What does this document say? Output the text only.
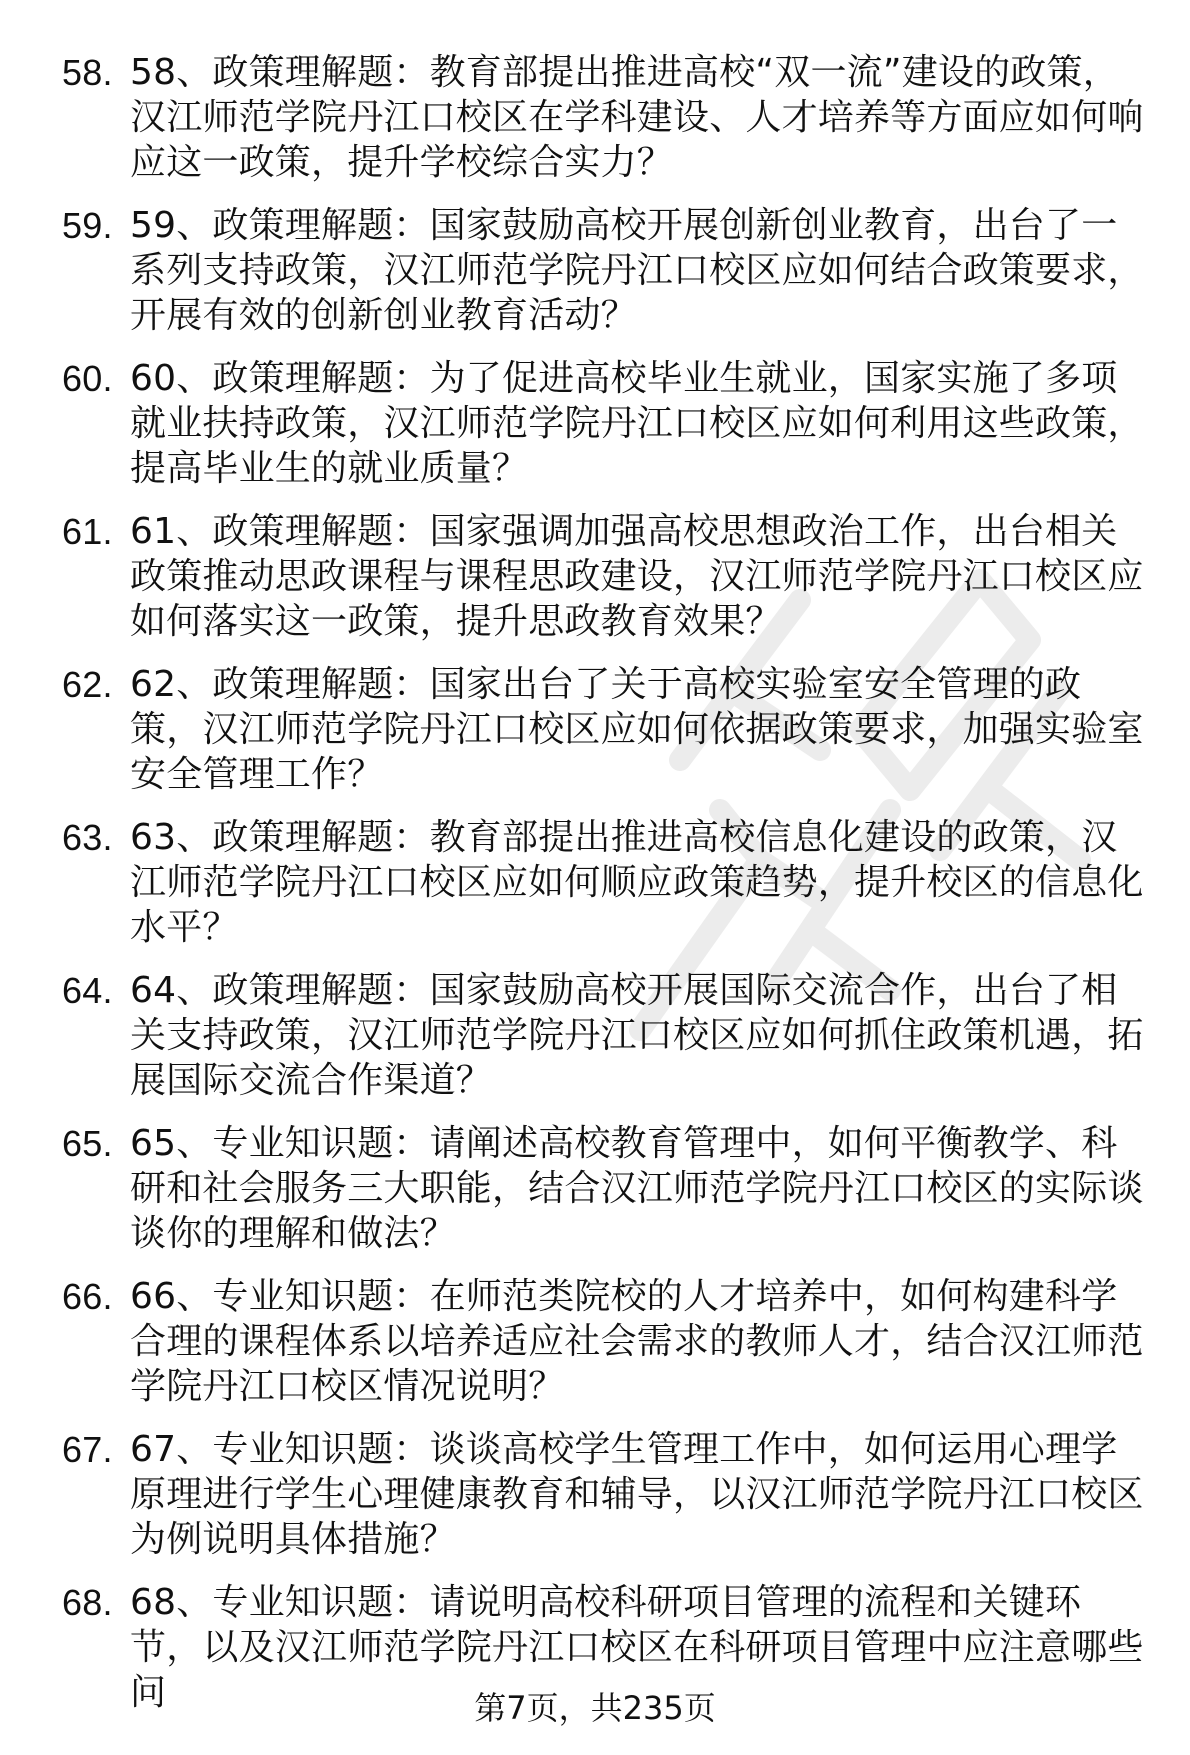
58. 58、政策理解题：教育部提出推进高校“双一流”建设的政策，汉江师范学院丹江口校区在学科建设、人才培养等方面应如何响应这一政策，提升学校综合实力？
59. 59、政策理解题：国家鼓励高校开展创新创业教育，出台了一系列支持政策，汉江师范学院丹江口校区应如何结合政策要求，开展有效的创新创业教育活动？
60. 60、政策理解题：为了促进高校毕业生就业，国家实施了多项就业扶持政策，汉江师范学院丹江口校区应如何利用这些政策，提高毕业生的就业质量？
61. 61、政策理解题：国家强调加强高校思想政治工作，出台相关政策推动思政课程与课程思政建设，汉江师范学院丹江口校区应如何落实这一政策，提升思政教育效果？
62. 62、政策理解题：国家出台了关于高校实验室安全管理的政策，汉江师范学院丹江口校区应如何依据政策要求，加强实验室安全管理工作？
63. 63、政策理解题：教育部提出推进高校信息化建设的政策，汉江师范学院丹江口校区应如何顺应政策趋势，提升校区的信息化水平？
64. 64、政策理解题：国家鼓励高校开展国际交流合作，出台了相关支持政策，汉江师范学院丹江口校区应如何抓住政策机遇，拓展国际交流合作渠道？
65. 65、专业知识题：请阐述高校教育管理中，如何平衡教学、科研和社会服务三大职能，结合汉江师范学院丹江口校区的实际谈谈你的理解和做法？
66. 66、专业知识题：在师范类院校的人才培养中，如何构建科学合理的课程体系以培养适应社会需求的教师人才，结合汉江师范学院丹江口校区情况说明？
67. 67、专业知识题：谈谈高校学生管理工作中，如何运用心理学原理进行学生心理健康教育和辅导，以汉江师范学院丹江口校区为例说明具体措施？
68. 68、专业知识题：请说明高校科研项目管理的流程和关键环节，以及汉江师范学院丹江口校区在科研项目管理中应注意哪些问	第7页，共235页
